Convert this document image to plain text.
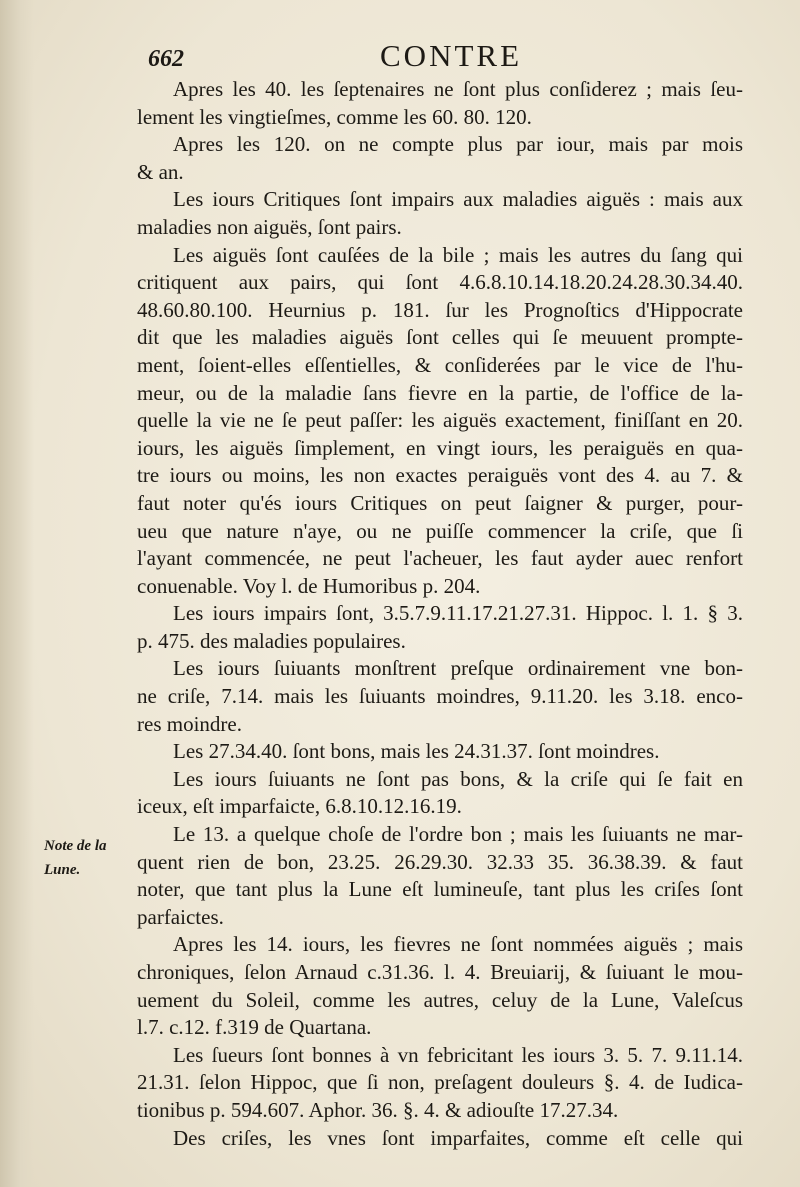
662	CONTRE
Note de la
Lune.
Apres les 40. les ſeptenaires ne ſont plus conſiderez ; mais ſeu-
lement les vingtieſmes, comme les 60. 80. 120.
Apres les 120. on ne compte plus par iour, mais par mois
& an.
Les iours Critiques ſont impairs aux maladies aiguës : mais aux
maladies non aiguës, ſont pairs.
Les aiguës ſont cauſées de la bile ; mais les autres du ſang qui
critiquent aux pairs, qui ſont 4.6.8.10.14.18.20.24.28.30.34.40.
48.60.80.100. Heurnius p. 181. ſur les Prognoſtics d'Hippocrate
dit que les maladies aiguës ſont celles qui ſe meuuent prompte-
ment, ſoient-elles eſſentielles, & conſiderées par le vice de l'hu-
meur, ou de la maladie ſans fievre en la partie, de l'office de la-
quelle la vie ne ſe peut paſſer: les aiguës exactement, finiſſant en 20.
iours, les aiguës ſimplement, en vingt iours, les peraiguës en qua-
tre iours ou moins, les non exactes peraiguës vont des 4. au 7. &
faut noter qu'és iours Critiques on peut ſaigner & purger, pour-
ueu que nature n'aye, ou ne puiſſe commencer la criſe, que ſi
l'ayant commencée, ne peut l'acheuer, les faut ayder auec renfort
conuenable. Voy l. de Humoribus p. 204.
Les iours impairs ſont, 3.5.7.9.11.17.21.27.31. Hippoc. l. 1. § 3.
p. 475. des maladies populaires.
Les iours ſuiuants monſtrent preſque ordinairement vne bon-
ne criſe, 7.14. mais les ſuiuants moindres, 9.11.20. les 3.18. enco-
res moindre.
Les 27.34.40. ſont bons, mais les 24.31.37. ſont moindres.
Les iours ſuiuants ne ſont pas bons, & la criſe qui ſe fait en
iceux, eſt imparfaicte, 6.8.10.12.16.19.
Le 13. a quelque choſe de l'ordre bon ; mais les ſuiuants ne mar-
quent rien de bon, 23.25. 26.29.30. 32.33 35. 36.38.39. & faut
noter, que tant plus la Lune eſt lumineuſe, tant plus les criſes ſont
parfaictes.
Apres les 14. iours, les fievres ne ſont nommées aiguës ; mais
chroniques, ſelon Arnaud c.31.36. l. 4. Breuiarij, & ſuiuant le mou-
uement du Soleil, comme les autres, celuy de la Lune, Valeſcus
l.7. c.12. f.319 de Quartana.
Les ſueurs ſont bonnes à vn febricitant les iours 3. 5. 7. 9.11.14.
21.31. ſelon Hippoc, que ſi non, preſagent douleurs §. 4. de Iudica-
tionibus p. 594.607. Aphor. 36. §. 4. & adiouſte 17.27.34.
Des criſes, les vnes ſont imparfaites, comme eſt celle qui
